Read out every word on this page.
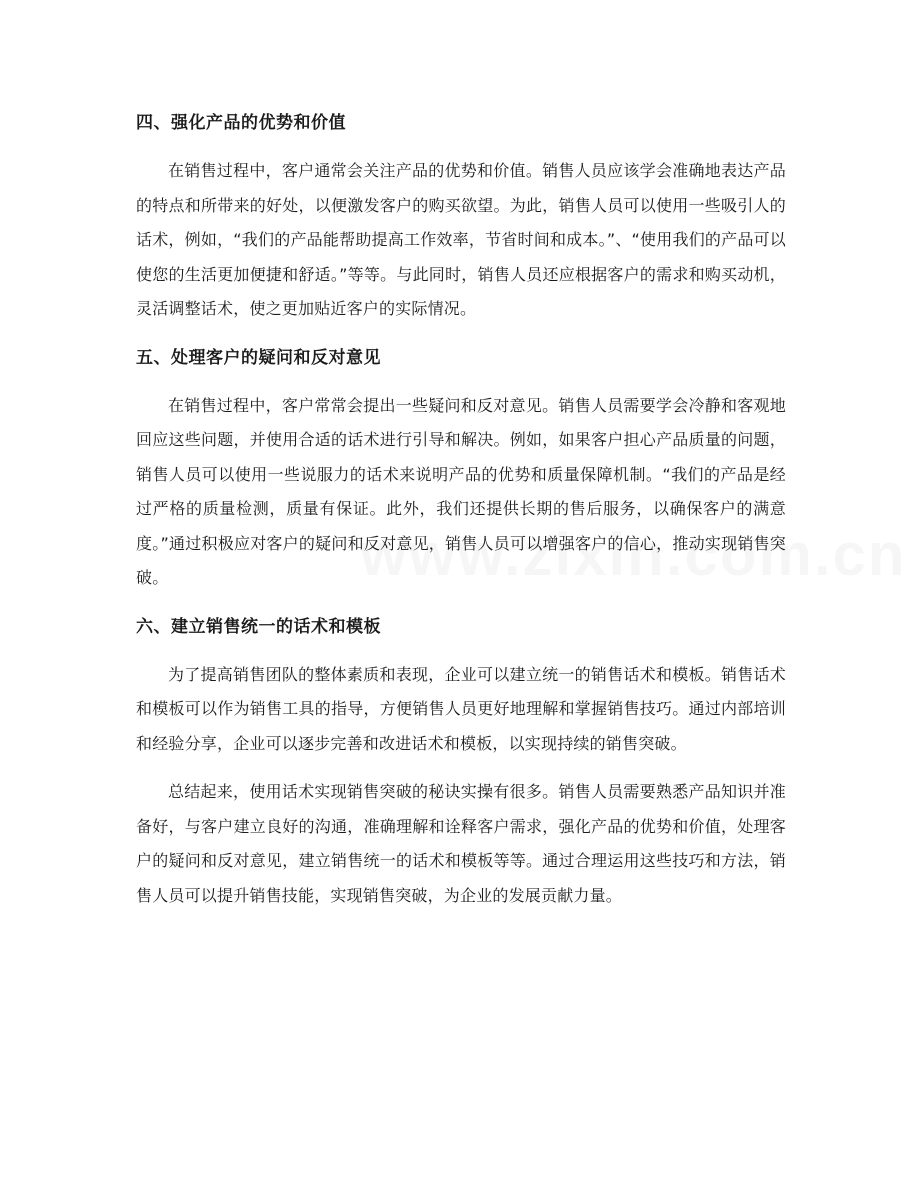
四、强化产品的优势和价值

在销售过程中，客户通常会关注产品的优势和价值。销售人员应该学会准确地表达产品的特点和所带来的好处，以便激发客户的购买欲望。为此，销售人员可以使用一些吸引人的话术，例如，“我们的产品能帮助提高工作效率，节省时间和成本。”、“使用我们的产品可以使您的生活更加便捷和舒适。”等等。与此同时，销售人员还应根据客户的需求和购买动机，灵活调整话术，使之更加贴近客户的实际情况。

五、处理客户的疑问和反对意见

在销售过程中，客户常常会提出一些疑问和反对意见。销售人员需要学会冷静和客观地回应这些问题，并使用合适的话术进行引导和解决。例如，如果客户担心产品质量的问题，销售人员可以使用一些说服力的话术来说明产品的优势和质量保障机制。“我们的产品是经过严格的质量检测，质量有保证。此外，我们还提供长期的售后服务，以确保客户的满意度。”通过积极应对客户的疑问和反对意见，销售人员可以增强客户的信心，推动实现销售突破。

六、建立销售统一的话术和模板

为了提高销售团队的整体素质和表现，企业可以建立统一的销售话术和模板。销售话术和模板可以作为销售工具的指导，方便销售人员更好地理解和掌握销售技巧。通过内部培训和经验分享，企业可以逐步完善和改进话术和模板，以实现持续的销售突破。

总结起来，使用话术实现销售突破的秘诀实操有很多。销售人员需要熟悉产品知识并准备好，与客户建立良好的沟通，准确理解和诠释客户需求，强化产品的优势和价值，处理客户的疑问和反对意见，建立销售统一的话术和模板等等。通过合理运用这些技巧和方法，销售人员可以提升销售技能，实现销售突破，为企业的发展贡献力量。
